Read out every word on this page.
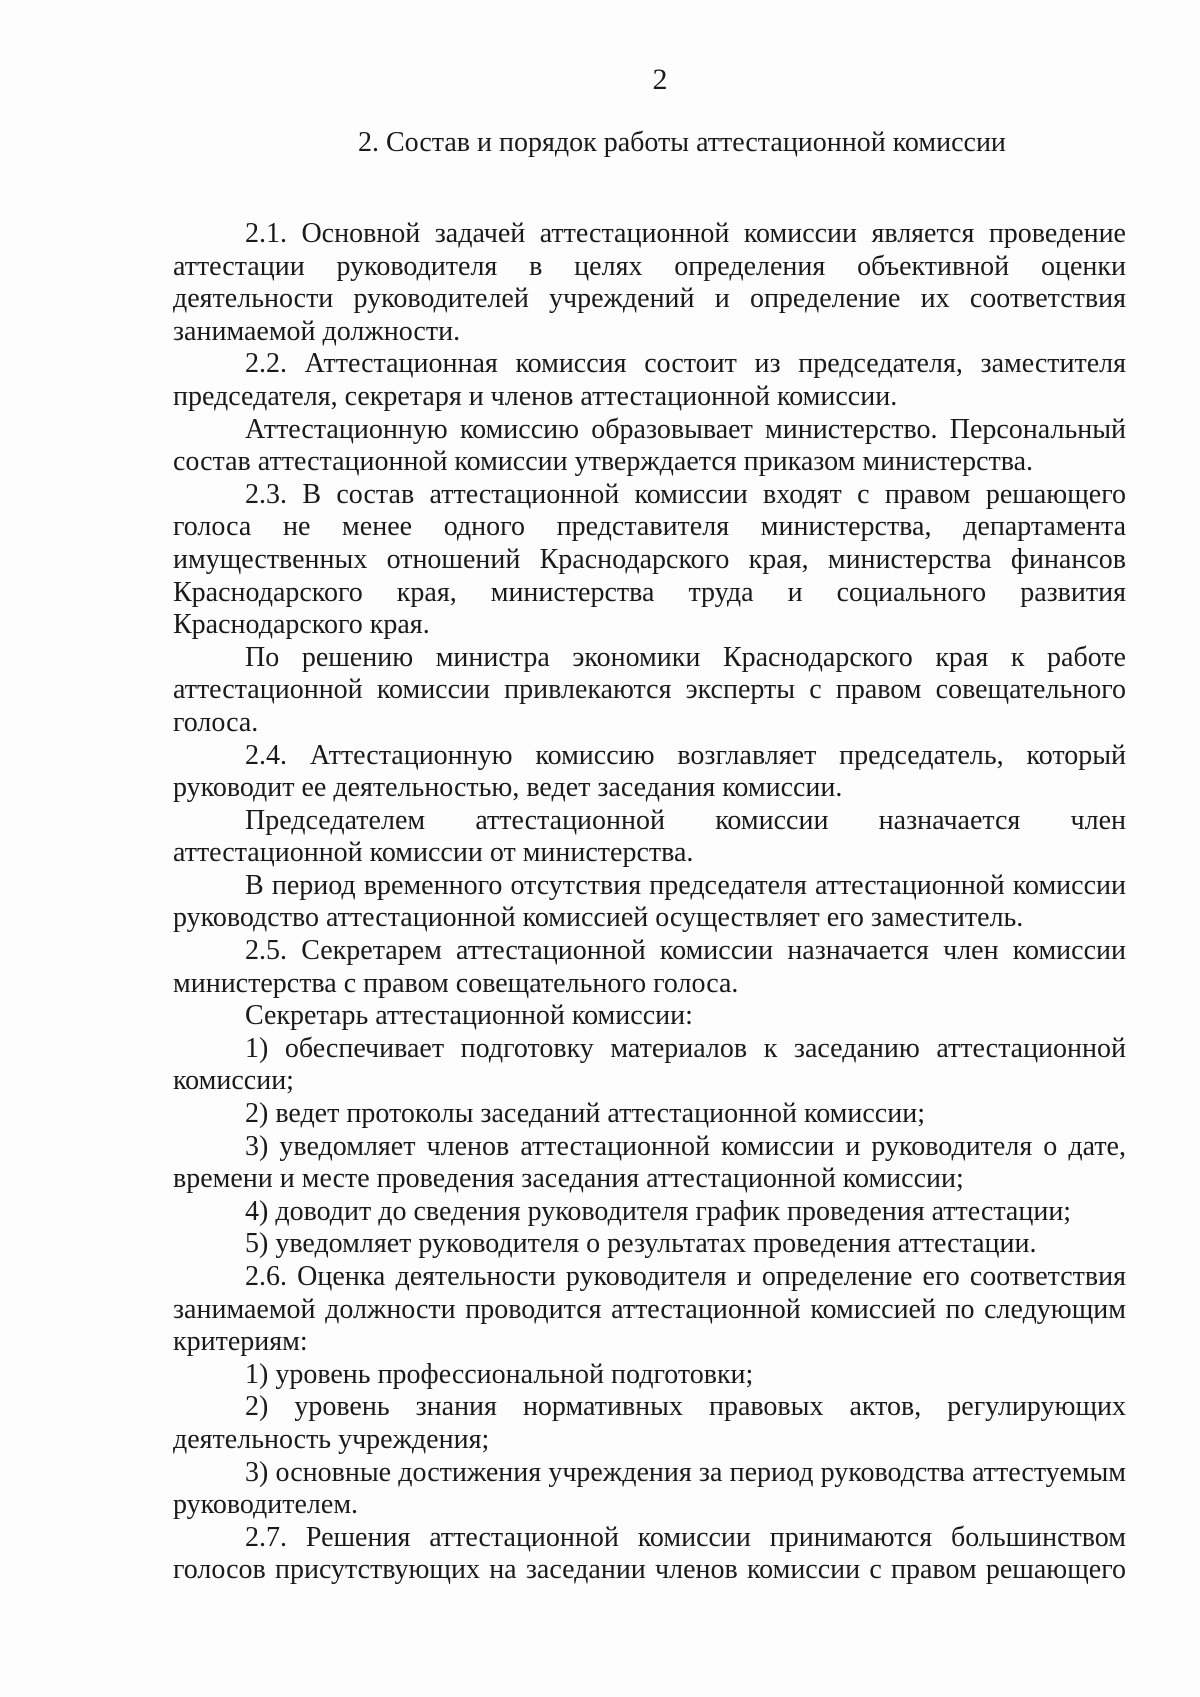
2
2. Состав и порядок работы аттестационной комиссии

2.1. Основной задачей аттестационной комиссии является проведение аттестации руководителя в целях определения объективной оценки деятельности руководителей учреждений и определение их соответствия занимаемой должности.

2.2. Аттестационная комиссия состоит из председателя, заместителя председателя, секретаря и членов аттестационной комиссии.

Аттестационную комиссию образовывает министерство. Персональный состав аттестационной комиссии утверждается приказом министерства.

2.3. В состав аттестационной комиссии входят с правом решающего голоса не менее одного представителя министерства, департамента имущественных отношений Краснодарского края, министерства финансов Краснодарского края, министерства труда и социального развития Краснодарского края.

По решению министра экономики Краснодарского края к работе аттестационной комиссии привлекаются эксперты с правом совещательного голоса.

2.4. Аттестационную комиссию возглавляет председатель, который руководит ее деятельностью, ведет заседания комиссии.

Председателем аттестационной комиссии назначается член аттестационной комиссии от министерства.

В период временного отсутствия председателя аттестационной комиссии руководство аттестационной комиссией осуществляет его заместитель.

2.5. Секретарем аттестационной комиссии назначается член комиссии министерства с правом совещательного голоса.

Секретарь аттестационной комиссии:

1) обеспечивает подготовку материалов к заседанию аттестационной комиссии;

2) ведет протоколы заседаний аттестационной комиссии;

3) уведомляет членов аттестационной комиссии и руководителя о дате, времени и месте проведения заседания аттестационной комиссии;

4) доводит до сведения руководителя график проведения аттестации;

5) уведомляет руководителя о результатах проведения аттестации.

2.6. Оценка деятельности руководителя и определение его соответствия занимаемой должности проводится аттестационной комиссией по следующим критериям:

1) уровень профессиональной подготовки;

2) уровень знания нормативных правовых актов, регулирующих деятельность учреждения;

3) основные достижения учреждения за период руководства аттестуемым руководителем.

2.7. Решения аттестационной комиссии принимаются большинством голосов присутствующих на заседании членов комиссии с правом решающего
